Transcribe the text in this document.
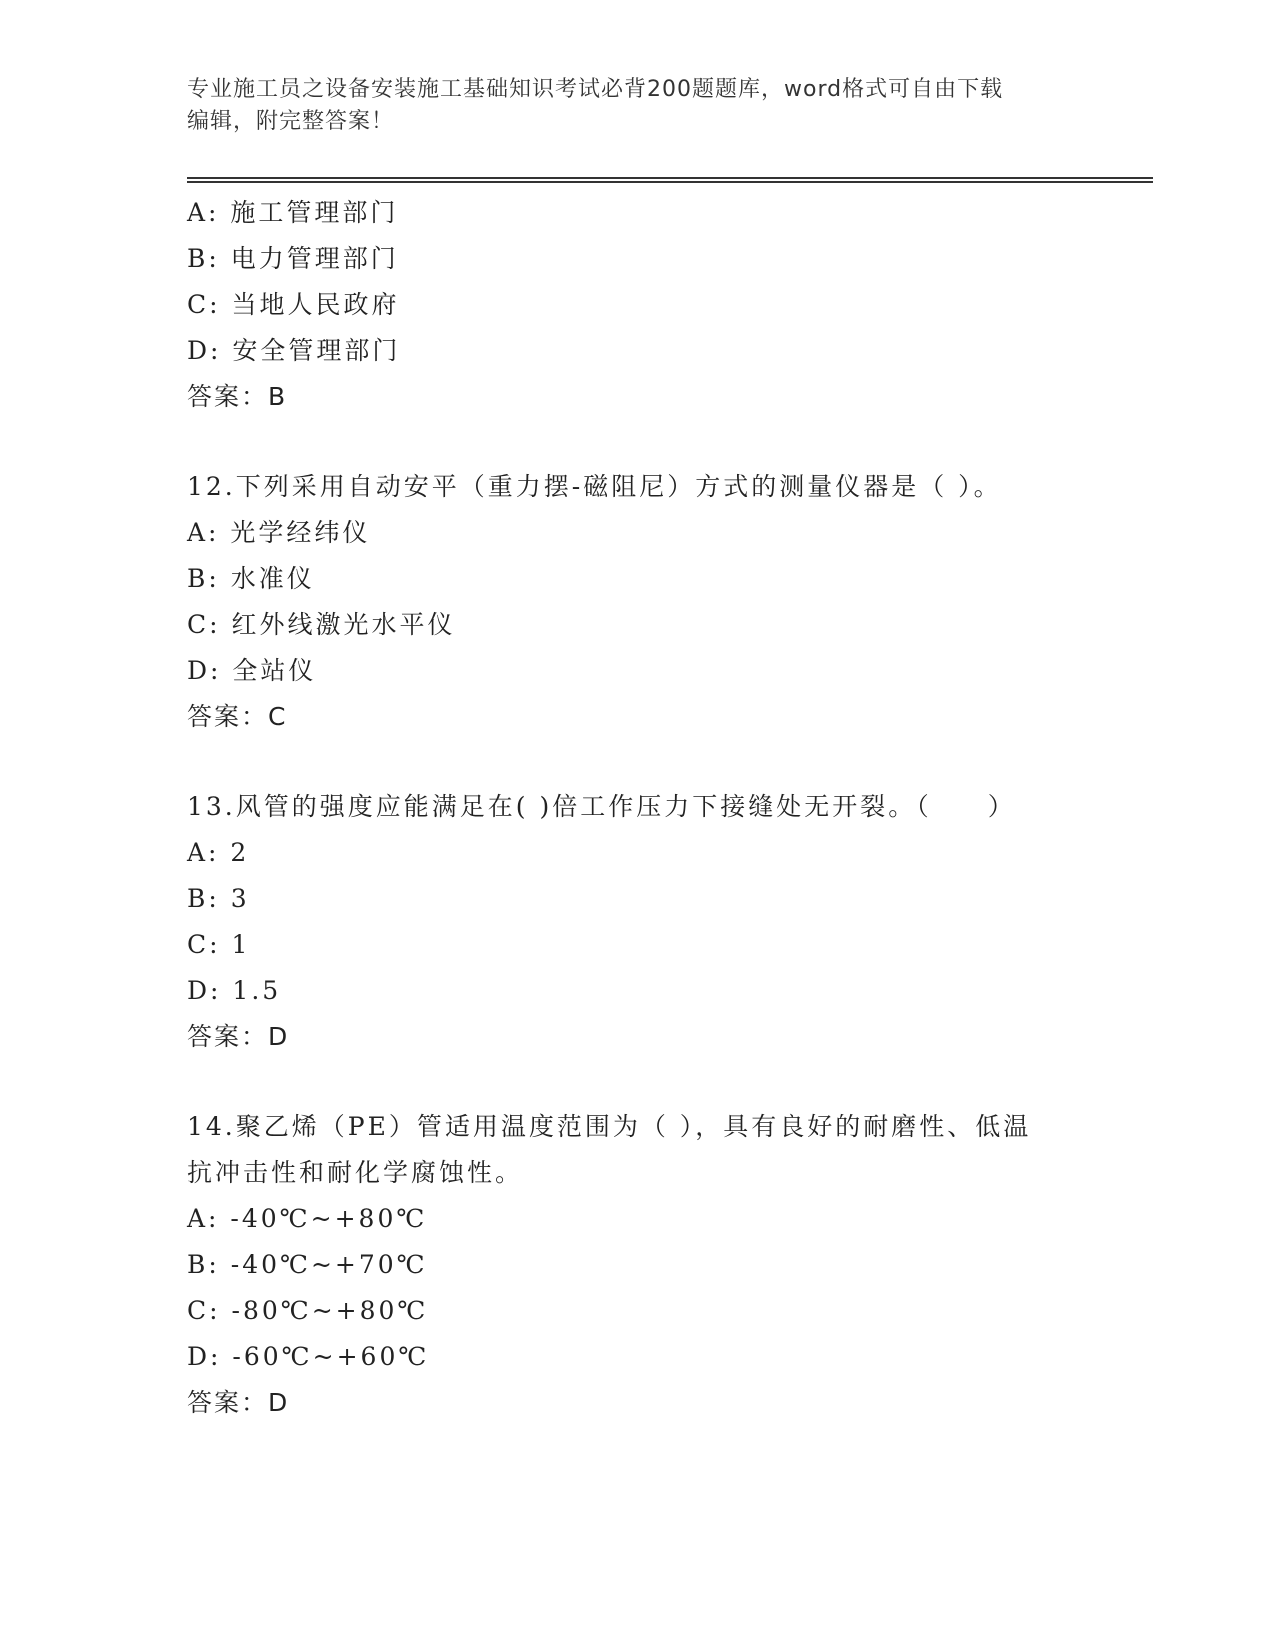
专业施工员之设备安装施工基础知识考试必背200题题库，word格式可自由下载
编辑，附完整答案！
A: 施工管理部门
B: 电力管理部门
C: 当地人民政府
D: 安全管理部门
答案：B
12.下列采用自动安平（重力摆-磁阻尼）方式的测量仪器是（ ）。
A: 光学经纬仪
B: 水准仪
C: 红外线激光水平仪
D: 全站仪
答案：C
13.风管的强度应能满足在( )倍工作压力下接缝处无开裂。（　　）
A: 2
B: 3
C: 1
D: 1.5
答案：D
14.聚乙烯（PE）管适用温度范围为（ ），具有良好的耐磨性、低温
抗冲击性和耐化学腐蚀性。
A: -40℃~+80℃
B: -40℃~+70℃
C: -80℃~+80℃
D: -60℃~+60℃
答案：D
